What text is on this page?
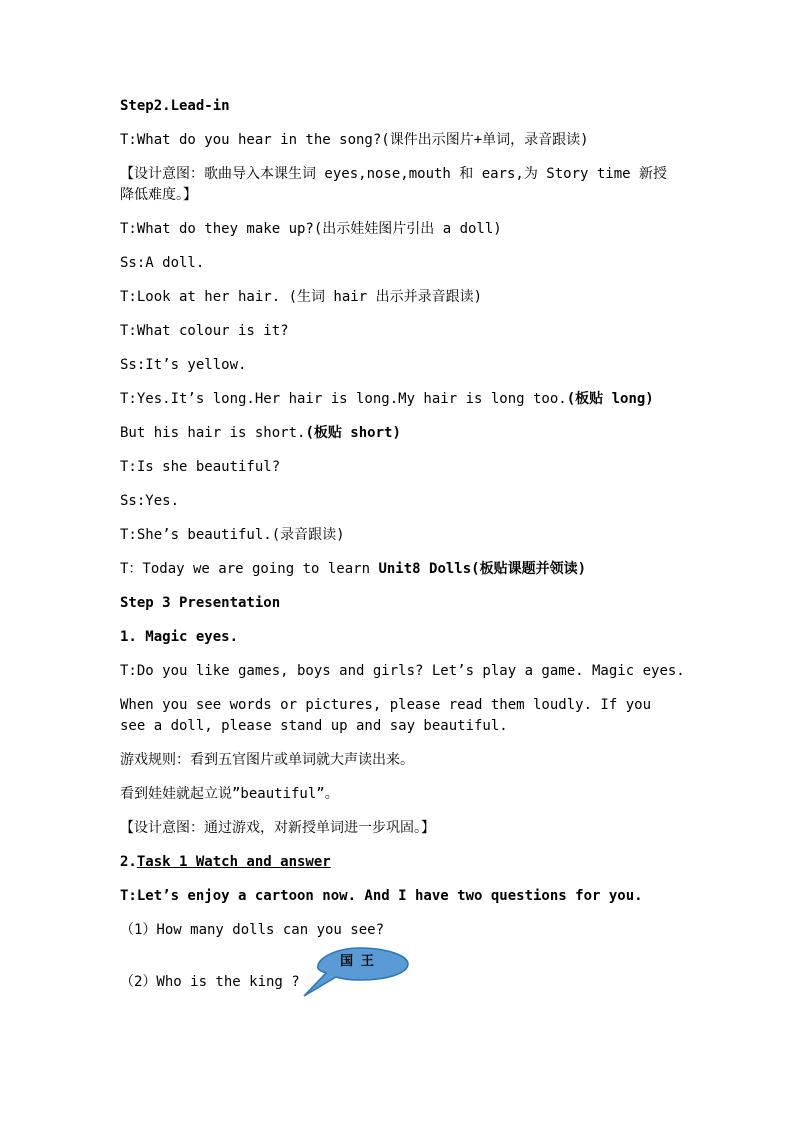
Step2.Lead-in
T:What do you hear in the song?(课件出示图片+单词，录音跟读)
【设计意图：歌曲导入本课生词 eyes,nose,mouth 和 ears,为 Story time 新授降低难度。】
T:What do they make up?(出示娃娃图片引出 a doll)
Ss:A doll.
T:Look at her hair. (生词 hair 出示并录音跟读)
T:What colour is it?
Ss:It’s yellow.
T:Yes.It’s long.Her hair is long.My hair is long too.(板贴 long)
But his hair is short.(板贴 short)
T:Is she beautiful?
Ss:Yes.
T:She’s beautiful.(录音跟读)
T：Today we are going to learn Unit8 Dolls(板贴课题并领读)
Step 3 Presentation
1. Magic eyes.
T:Do you like games, boys and girls? Let’s play a game. Magic eyes.
When you see words or pictures, please read them loudly. If you see a doll, please stand up and say beautiful.
游戏规则：看到五官图片或单词就大声读出来。
看到娃娃就起立说”beautiful”。
【设计意图：通过游戏，对新授单词进一步巩固。】
2.Task 1 Watch and answer
T:Let’s enjoy a cartoon now. And I have two questions for you.
（1）How many dolls can you see?
（2）Who is the king ?
国 王
